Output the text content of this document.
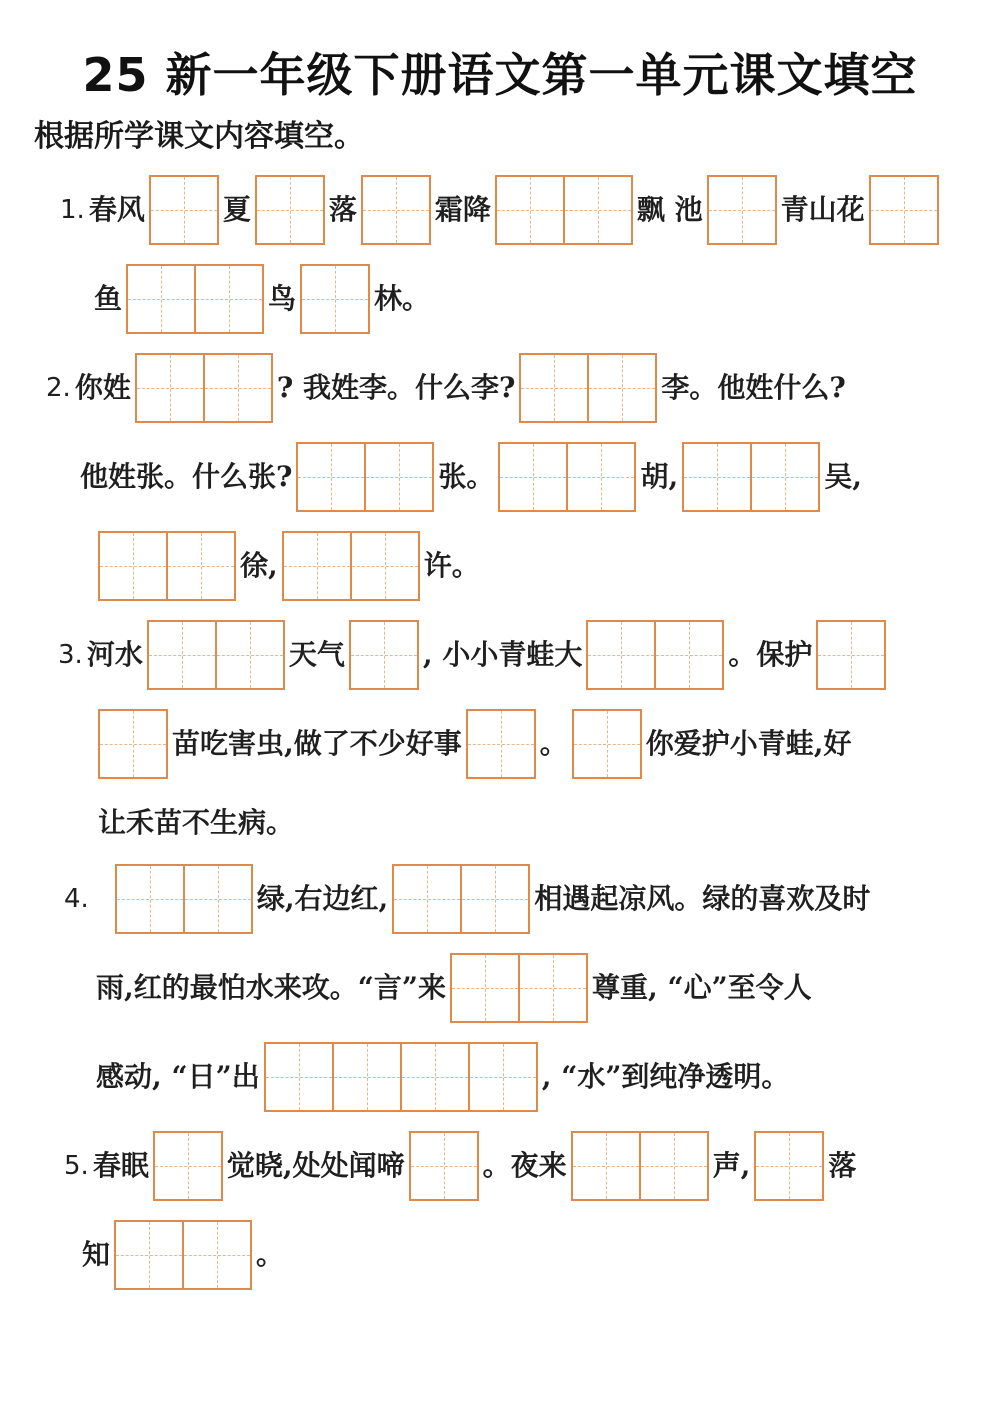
25 新一年级下册语文第一单元课文填空
根据所学课文内容填空。
1. 春风	夏	落	霜降	飘 池	青山花
鱼	鸟	林。
2. 你姓	? 我姓李。什么李?	李。他姓什么?
他姓张。什么张?	张。	胡,	吴,
徐,	许。
3. 河水	天气	, 小小青蛙大	。保护
苗吃害虫,做了不少好事	。	你爱护小青蛙,好
让禾苗不生病。
4.	绿,右边红,	相遇起凉风。绿的喜欢及时
雨,红的最怕水来攻。“言”来	尊重, “心”至令人
感动, “日”出	, “水”到纯净透明。
5. 春眠	觉晓,处处闻啼	。夜来	声,	落
知	。
